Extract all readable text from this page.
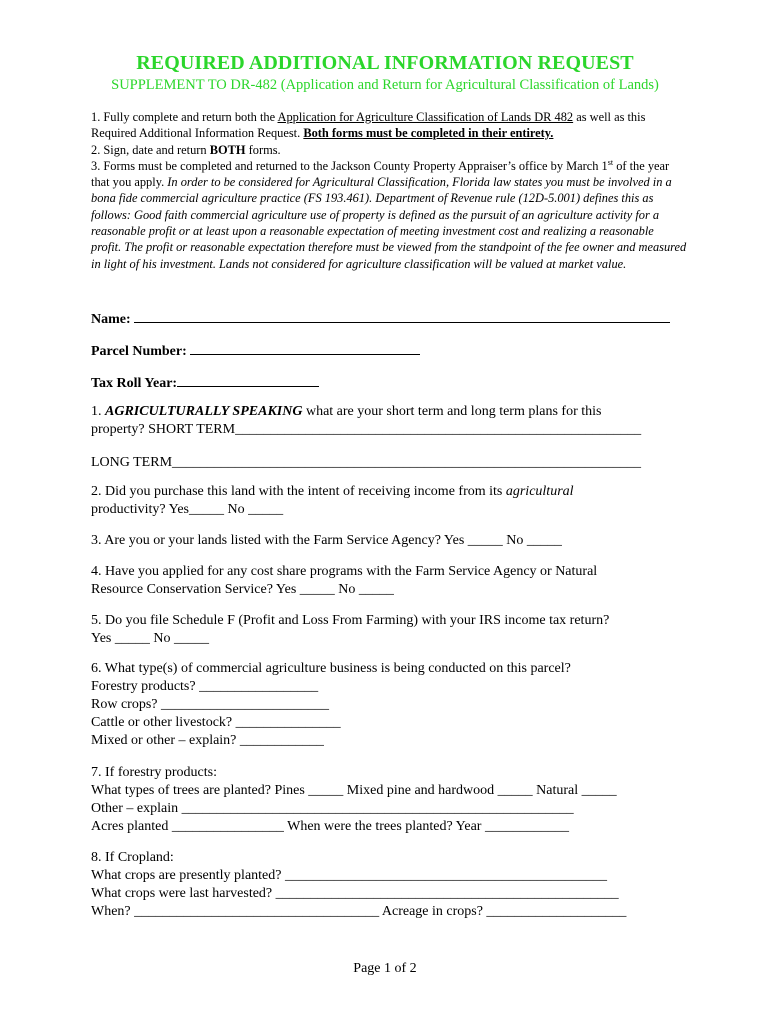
REQUIRED ADDITIONAL INFORMATION REQUEST
SUPPLEMENT TO DR-482 (Application and Return for Agricultural Classification of Lands)

1. Fully complete and return both the Application for Agriculture Classification of Lands DR 482 as well as this Required Additional Information Request. Both forms must be completed in their entirety.

2. Sign, date and return BOTH forms.

3. Forms must be completed and returned to the Jackson County Property Appraiser’s office by March 1st of the year that you apply. In order to be considered for Agricultural Classification, Florida law states you must be involved in a bona fide commercial agriculture practice (FS 193.461). Department of Revenue rule (12D-5.001) defines this as follows: Good faith commercial agriculture use of property is defined as the pursuit of an agriculture activity for a reasonable profit or at least upon a reasonable expectation of meeting investment cost and realizing a reasonable profit. The profit or reasonable expectation therefore must be viewed from the standpoint of the fee owner and measured in light of his investment. Lands not considered for agriculture classification will be valued at market value.

Name:
Parcel Number:
Tax Roll Year:
1. AGRICULTURALLY SPEAKING what are your short term and long term plans for this
property? SHORT TERM__________________________________________________________
LONG TERM___________________________________________________________________
2. Did you purchase this land with the intent of receiving income from its agricultural
productivity? Yes_____ No _____
3. Are you or your lands listed with the Farm Service Agency? Yes _____ No _____
4. Have you applied for any cost share programs with the Farm Service Agency or Natural
Resource Conservation Service? Yes _____ No _____
5. Do you file Schedule F (Profit and Loss From Farming) with your IRS income tax return?
Yes _____ No _____
6. What type(s) of commercial agriculture business is being conducted on this parcel?
Forestry products? _________________
Row crops? ________________________
Cattle or other livestock? _______________
Mixed or other – explain? ____________
7. If forestry products:
What types of trees are planted? Pines _____ Mixed pine and hardwood _____ Natural _____
Other – explain ________________________________________________________
Acres planted ________________ When were the trees planted? Year ____________
8. If Cropland:
What crops are presently planted? ______________________________________________
What crops were last harvested? _________________________________________________
When? ___________________________________ Acreage in crops? ____________________
Page 1 of 2
